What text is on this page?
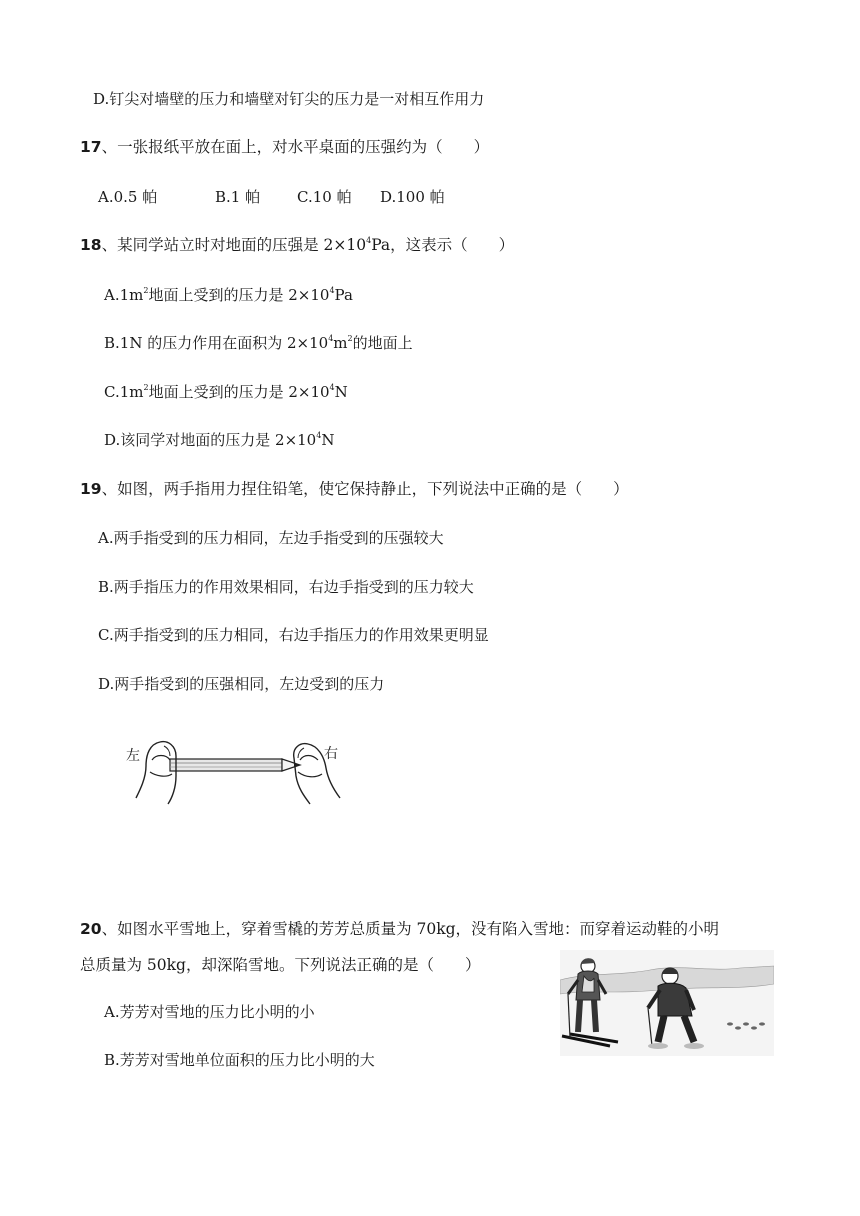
D.钉尖对墙壁的压力和墙壁对钉尖的压力是一对相互作用力
17、一张报纸平放在面上，对水平桌面的压强约为（　　）
A.0.5 帕	B.1 帕 C.10 帕 D.100 帕
18、某同学站立时对地面的压强是 $2\times 10^4Pa$，这表示（　　）
$A.1m^2$地面上受到的压力是 $2\times 10^4Pa$
B.1N 的压力作用在面积为 $2\times 10^4m^2$的地面上
$C.1m^2$地面上受到的压力是 $2\times 10^4N$
D.该同学对地面的压力是 $2\times 10^4N$
19、如图，两手指用力捏住铅笔，使它保持静止，下列说法中正确的是（　　）
A.两手指受到的压力相同，左边手指受到的压强较大
B.两手指压力的作用效果相同，右边手指受到的压力较大
C.两手指受到的压力相同，右边手指压力的作用效果更明显
D.两手指受到的压强相同，左边受到的压力
左	右
20、如图水平雪地上，穿着雪橇的芳芳总质量为 70kg，没有陷入雪地：而穿着运动鞋的小明
总质量为 50kg，却深陷雪地。下列说法正确的是（　　）
A.芳芳对雪地的压力比小明的小
B.芳芳对雪地单位面积的压力比小明的大
